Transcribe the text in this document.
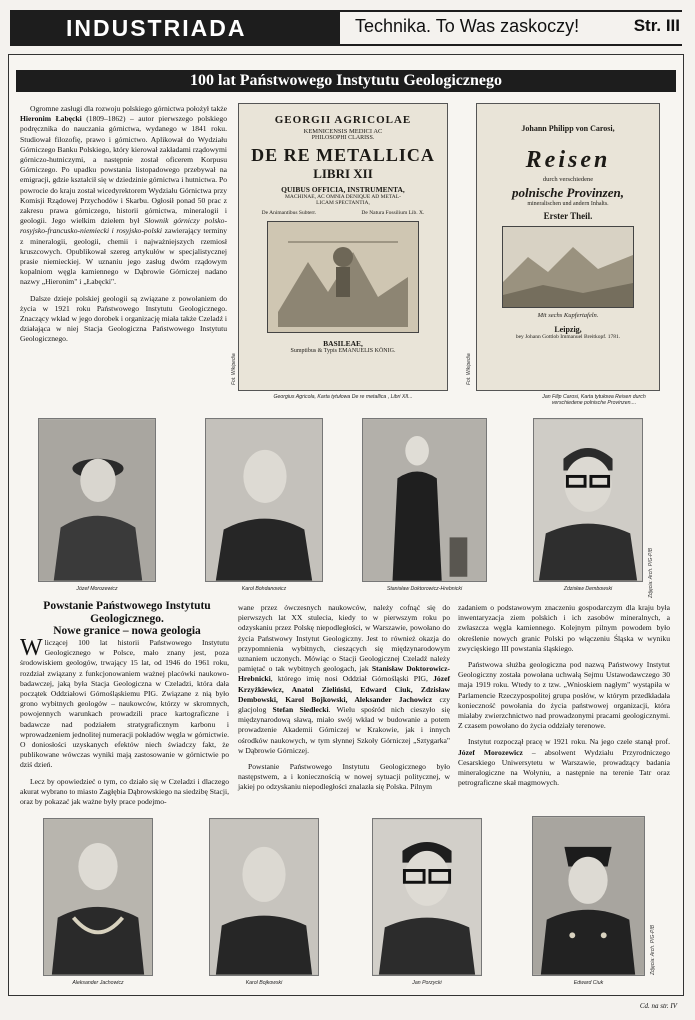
INDUSTRIADA	Technika. To Was zaskoczy!	Str. III
100 lat Państwowego Instytutu Geologicznego

Ogromne zasługi dla rozwoju polskiego górnictwa położył także Hieronim Łabęcki (1809–1862) – autor pierwszego polskiego podręcznika do nauczania górnictwa, wydanego w 1841 roku. Studiował filozofię, prawo i górnictwo. Aplikował do Wydziału Górniczego Banku Polskiego, który kierował zakładami rządowymi górniczo-hutniczymi, a następnie został oficerem Korpusu Górniczego. Po upadku powstania listopadowego przebywał na emigracji, gdzie kształcił się w dziedzinie górnictwa i hutnictwa. Po powrocie do kraju został wicedyrektorem Wydziału Górnictwa przy Komisji Rządowej Przychodów i Skarbu. Ogłosił ponad 50 prac z zakresu prawa górniczego, historii górnictwa, mineralogii i geologii. Jego wielkim dziełem był Słownik górniczy polsko-rosyjsko-francusko-niemiecki i rosyjsko-polski zawierający terminy z mineralogii, geologii, chemii i najważniejszych rzemiosł kruszcowych. Opublikował szereg artykułów w specjalistycznej prasie niemieckiej. W uznaniu jego zasług dwóm rządowym kopalniom węgla kamiennego w Dąbrowie Górniczej nadano nazwy „Hieronim" i „Łabęcki".

Dalsze dzieje polskiej geologii są związane z powołaniem do życia w 1921 roku Państwowego Instytutu Geologicznego. Znaczący wkład w jego dorobek i organizację miała także Czeladź i działająca w niej Stacja Geologiczna Państwowego Instytutu Geologicznego.

GEORGII AGRICOLAE
KEMNICENSIS MEDICI AC
PHILOSOPHI CLARISS.
DE RE METALLICA
LIBRI XII
QUIBUS OFFICIA, INSTRUMENTA,
MACHINAE, AC OMNIA DENIQUE AD METAL-
LICAM SPECTANTIA,
De Animantibus Subterr.	De Natura Fossilium Lib. X.
BASILEAE,
Sumptibus & Typis EMANUELIS KÖNIG.
Georgius Agricola, Karta tytułowa De re metallica , Libri XII...
Fot. Wikipedia
Johann Philipp von Carosi,
Reisen
durch verschiedene
polnische Provinzen,
mineralischen und andern Inhalts.
Erster Theil.
Mit sechs Kupfertafeln.
Leipzig,
bey Johann Gottlob Immanuel Breitkopf. 1781.
Jan Filip Carosi, Karta tytułowa Reisen durch verschiedene polnische Provinzen....
Fot. Wikipedia
Józef Morozewicz	Karol Bohdanowicz	Stanisław Doktorowicz-Hrebnicki	Zdzisław Dembowski	Zdjęcia: Arch. PIG-PIB
Powstanie Państwowego Instytutu Geologicznego.
Nowe granice – nowa geologia

Wliczącej 100 lat historii Państwowego Instytutu Geologicznego w Polsce, mało znany jest, poza środowiskiem geologów, trwający 15 lat, od 1946 do 1961 roku, rozdział związany z funkcjonowaniem ważnej placówki naukowo-badawczej, jaką była Stacja Geologiczna w Czeladzi, która dała początek Oddziałowi Górnośląskiemu PIG. Związane z nią było grono wybitnych geologów – naukowców, którzy w skromnych, powojennych warunkach prowadzili prace kartograficzne i badawcze nad podziałem stratygraficznym karbonu i wprowadzeniem jednolitej numeracji pokładów węgla w górnictwie. O doniosłości uzyskanych efektów niech świadczy fakt, że publikowane wówczas wyniki mają zastosowanie w górnictwie po dziś dzień.

Lecz by opowiedzieć o tym, co działo się w Czeladzi i dlaczego akurat wybrano to miasto Zagłębia Dąbrowskiego na siedzibę Stacji, oraz by pokazać jak ważne były prace podejmo-

wane przez ówczesnych naukowców, należy cofnąć się do pierwszych lat XX stulecia, kiedy to w pierwszym roku po odzyskaniu przez Polskę niepodległości, w Warszawie, powołano do życia Państwowy Instytut Geologiczny. Jest to również okazja do przypomnienia wybitnych, cieszących się międzynarodowym uznaniem uczonych. Mówiąc o Stacji Geologicznej Czeladź należy pamiętać o tak wybitnych geologach, jak Stanisław Doktorowicz-Hrebnicki, którego imię nosi Oddział Górnośląski PIG, Józef Krzyżkiewicz, Anatol Zieliński, Edward Ciuk, Zdzisław Dembowski, Karol Bojkowski, Aleksander Jachowicz czy glacjolog Stefan Siedlecki. Wielu spośród nich cieszyło się międzynarodową sławą, miało swój wkład w budowanie a potem prowadzenie Akademii Górniczej w Krakowie, jak i innych ośrodków naukowych, w tym słynnej Szkoły Górniczej „Sztygarka" w Dąbrowie Górniczej.

Powstanie Państwowego Instytutu Geologicznego było następstwem, a i koniecznością w nowej sytuacji politycznej, w jakiej po odzyskaniu niepodległości znalazła się Polska. Pilnym

zadaniem o podstawowym znaczeniu gospodarczym dla kraju była inwentaryzacja ziem polskich i ich zasobów mineralnych, a zwłaszcza węgla kamiennego. Kolejnym pilnym powodem było określenie nowych granic Polski po włączeniu Śląska w wyniku zwycięskiego III powstania śląskiego.

Państwowa służba geologiczna pod nazwą Państwowy Instytut Geologiczny została powołana uchwałą Sejmu Ustawodawczego 30 maja 1919 roku. Wtedy to z tzw. „Wnioskiem nagłym" wystąpiła w Parlamencie Rzeczypospolitej grupa posłów, w którym przedkładała konieczność powołania do życia państwowej organizacji, która miałaby zwierzchnictwo nad prowadzonymi pracami geologicznymi. Z czasem powołano do życia oddziały terenowe.

Instytut rozpoczął pracę w 1921 roku. Na jego czele stanął prof. Józef Morozewicz – absolwent Wydziału Przyrodniczego Cesarskiego Uniwersytetu w Warszawie, prowadzący badania mineralogiczne na Wołyniu, a następnie na terenie Tatr oraz petrograficzne skał magmowych.

Aleksander Jachowicz	Karol Bojkowski	Jan Porzycki	Edward Ciuk
Zdjęcia: Arch. PIG-PIB
Cd. na str. IV
